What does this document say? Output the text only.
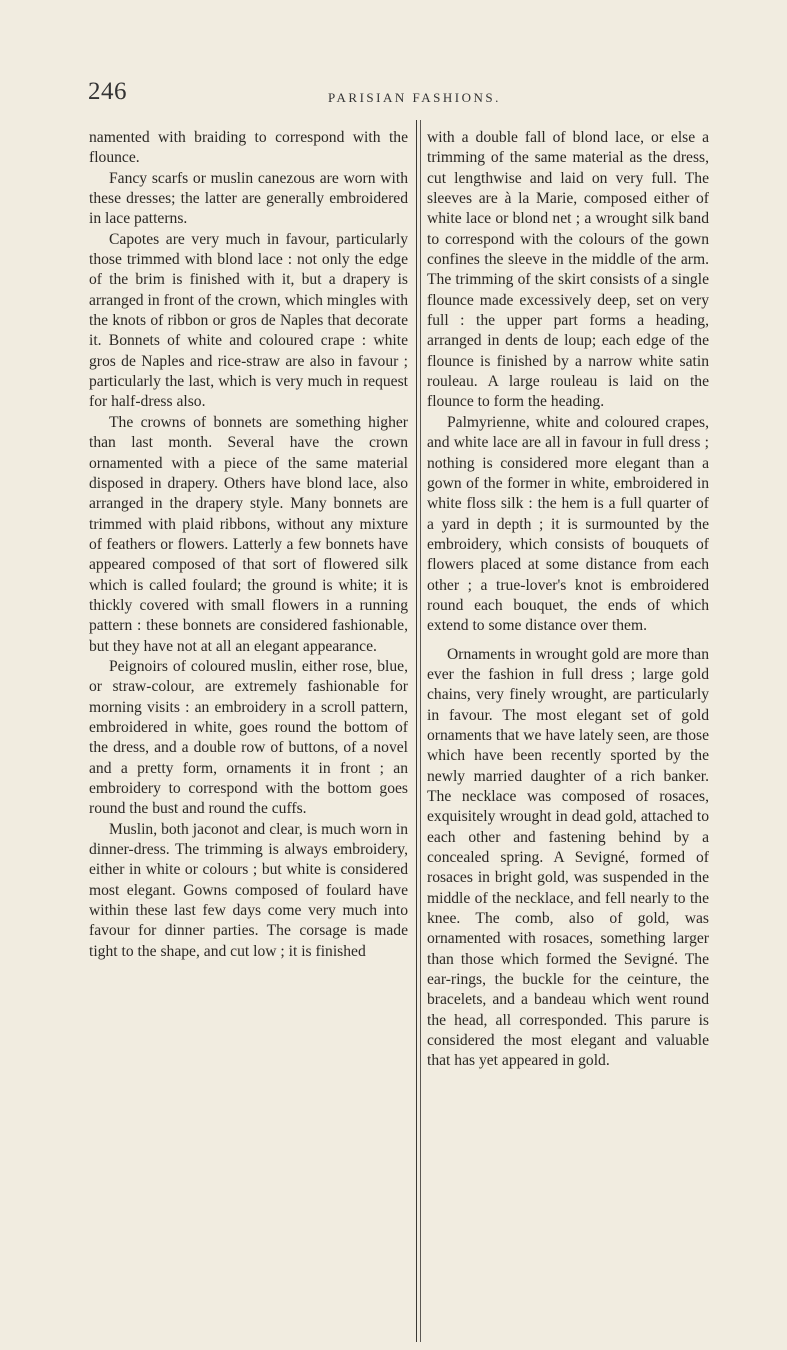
246	PARISIAN FASHIONS.

namented with braiding to correspond with the flounce.

Fancy scarfs or muslin canezous are worn with these dresses; the latter are generally embroidered in lace patterns.

Capotes are very much in favour, particularly those trimmed with blond lace : not only the edge of the brim is finished with it, but a drapery is arranged in front of the crown, which mingles with the knots of ribbon or gros de Naples that decorate it. Bonnets of white and coloured crape : white gros de Naples and rice-straw are also in favour ; particularly the last, which is very much in request for half-dress also.

The crowns of bonnets are something higher than last month. Several have the crown ornamented with a piece of the same material disposed in drapery. Others have blond lace, also arranged in the drapery style. Many bonnets are trimmed with plaid ribbons, without any mixture of feathers or flowers. Latterly a few bonnets have appeared composed of that sort of flowered silk which is called foulard; the ground is white; it is thickly covered with small flowers in a running pattern : these bonnets are considered fashionable, but they have not at all an elegant appearance.

Peignoirs of coloured muslin, either rose, blue, or straw-colour, are extremely fashionable for morning visits : an embroidery in a scroll pattern, embroidered in white, goes round the bottom of the dress, and a double row of buttons, of a novel and a pretty form, ornaments it in front ; an embroidery to correspond with the bottom goes round the bust and round the cuffs.

Muslin, both jaconot and clear, is much worn in dinner-dress. The trimming is always embroidery, either in white or colours ; but white is considered most elegant. Gowns composed of foulard have within these last few days come very much into favour for dinner parties. The corsage is made tight to the shape, and cut low ; it is finished

with a double fall of blond lace, or else a trimming of the same material as the dress, cut lengthwise and laid on very full. The sleeves are à la Marie, composed either of white lace or blond net ; a wrought silk band to correspond with the colours of the gown confines the sleeve in the middle of the arm. The trimming of the skirt consists of a single flounce made excessively deep, set on very full : the upper part forms a heading, arranged in dents de loup; each edge of the flounce is finished by a narrow white satin rouleau. A large rouleau is laid on the flounce to form the heading.

Palmyrienne, white and coloured crapes, and white lace are all in favour in full dress ; nothing is considered more elegant than a gown of the former in white, embroidered in white floss silk : the hem is a full quarter of a yard in depth ; it is surmounted by the embroidery, which consists of bouquets of flowers placed at some distance from each other ; a true-lover's knot is embroidered round each bouquet, the ends of which extend to some distance over them.

Ornaments in wrought gold are more than ever the fashion in full dress ; large gold chains, very finely wrought, are particularly in favour. The most elegant set of gold ornaments that we have lately seen, are those which have been recently sported by the newly married daughter of a rich banker. The necklace was composed of rosaces, exquisitely wrought in dead gold, attached to each other and fastening behind by a concealed spring. A Sevigné, formed of rosaces in bright gold, was suspended in the middle of the necklace, and fell nearly to the knee. The comb, also of gold, was ornamented with rosaces, something larger than those which formed the Sevigné. The ear-rings, the buckle for the ceinture, the bracelets, and a bandeau which went round the head, all corresponded. This parure is considered the most elegant and valuable that has yet appeared in gold.
